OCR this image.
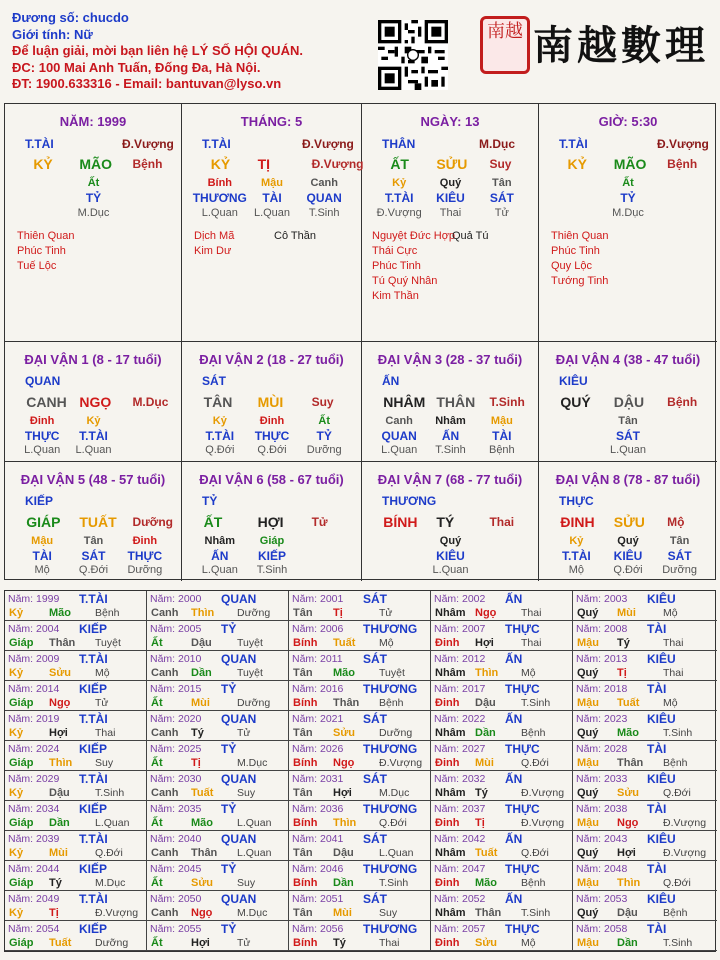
Đương số: chucdo
Giới tính: Nữ
Để luận giải, mời bạn liên hệ LÝ SỐ HỘI QUÁN.
ĐC: 100 Mai Anh Tuấn, Đống Đa, Hà Nội.
ĐT: 1900.633316 - Email: bantuvan@lyso.vn
南越 南越數理
NĂM: 1999
T.TÀI	Đ.Vượng
KỶ MÃO Bệnh
Ất
TỶ
M.Dục
Thiên Quan
Phúc Tinh
Tuế Lộc
THÁNG: 5
T.TÀI	Đ.Vượng
KỶ TỊ	Đ.Vượng
Bính
THƯƠNG
L.Quan
Mậu
TÀI
L.Quan
Canh
QUAN
T.Sinh
Dịch Mã
Kim Dư
Cô Thần
NGÀY: 13
THÂN	M.Dục
ẤT SỬU Suy
Kỷ
T.TÀI
Đ.Vượng
Quý
KIÊU
Thai
Tân
SÁT
Tử
Nguyệt Đức Hợp
Thái Cực
Phúc Tinh
Tú Quý Nhân
Kim Thần
Quả Tú
GIỜ: 5:30
T.TÀI	Đ.Vượng
KỶ MÃO Bệnh
Ất
TỶ
M.Dục
Thiên Quan
Phúc Tinh
Quy Lộc
Tướng Tinh
ĐẠI VẬN 1 (8 - 17 tuổi)
QUAN
CANH NGỌ M.Dục
Đinh
THỰC
L.Quan
Kỷ
T.TÀI
L.Quan
ĐẠI VẬN 2 (18 - 27 tuổi)
SÁT
TÂN MÙI Suy
Kỷ
T.TÀI
Q.Đới
Đinh
THỰC
Q.Đới
Ất
TỶ
Dưỡng
ĐẠI VẬN 3 (28 - 37 tuổi)
ẤN
NHÂM THÂN T.Sinh
Canh
QUAN
L.Quan
Nhâm
ẤN
T.Sinh
Mậu
TÀI
Bệnh
ĐẠI VẬN 4 (38 - 47 tuổi)
KIÊU
QUÝ DẬU Bệnh
Tân
SÁT
L.Quan
ĐẠI VẬN 5 (48 - 57 tuổi)
KIẾP
GIÁP TUẤT Dưỡng
Mậu
TÀI
Mộ
Tân
SÁT
Q.Đới
Đinh
THỰC
Dưỡng
ĐẠI VẬN 6 (58 - 67 tuổi)
TỶ
ẤT	HỢI Tử
Nhâm
ẤN
L.Quan
Giáp
KIẾP
T.Sinh
ĐẠI VẬN 7 (68 - 77 tuổi)
THƯƠNG
BÍNH TÝ	Thai
Quý
KIÊU
L.Quan
ĐẠI VẬN 8 (78 - 87 tuổi)
THỰC
ĐINH SỬU Mộ
Kỷ
T.TÀI
Mộ
Quý
KIÊU
Q.Đới
Tân
SÁT
Dưỡng
Năm: 1999 T.TÀI
Kỷ Mão Bệnh
Năm: 2000 QUAN
Canh Thìn Dưỡng
Năm: 2001 SÁT
Tân Tị	Tử
Năm: 2002 ẤN
Nhâm Ngọ Thai
Năm: 2003 KIÊU
Quý Mùi	Mộ
Năm: 2004 KIẾP
Giáp Thân Tuyệt
Năm: 2005 TỶ
Ất	Dậu Tuyệt
Năm: 2006 THƯƠNG
Bính Tuất Mộ
Năm: 2007 THỰC
Đinh Hợi	Thai
Năm: 2008 TÀI
Mậu Tý	Thai
Năm: 2009 T.TÀI
Kỷ Sửu Mộ
Năm: 2010 QUAN
Canh Dần Tuyệt
Năm: 2011 SÁT
Tân Mão Tuyệt
Năm: 2012 ẤN
Nhâm Thìn Mộ
Năm: 2013 KIÊU
Quý Tị	Thai
Năm: 2014 KIẾP
Giáp Ngọ Tử
Năm: 2015 TỶ
Ất	Mùi	Dưỡng
Năm: 2016 THƯƠNG
Bính Thân Bệnh
Năm: 2017 THỰC
Đinh Dậu T.Sinh
Năm: 2018 TÀI
Mậu Tuất Mộ
Năm: 2019 T.TÀI
Kỷ Hợi	Thai
Năm: 2020 QUAN
Canh Tý	Tử
Năm: 2021 SÁT
Tân Sửu Dưỡng
Năm: 2022 ẤN
Nhâm Dần Bệnh
Năm: 2023 KIÊU
Quý Mão T.Sinh
Năm: 2024 KIẾP
Giáp Thìn Suy
Năm: 2025 TỶ
Ất	Tị	M.Dục
Năm: 2026 THƯƠNG
Bính Ngọ Đ.Vượng
Năm: 2027 THỰC
Đinh Mùi	Q.Đới
Năm: 2028 TÀI
Mậu Thân Bệnh
Năm: 2029 T.TÀI
Kỷ Dậu T.Sinh
Năm: 2030 QUAN
Canh Tuất Suy
Năm: 2031 SÁT
Tân Hợi	M.Dục
Năm: 2032 ẤN
Nhâm Tý	Đ.Vượng
Năm: 2033 KIÊU
Quý Sửu Q.Đới
Năm: 2034 KIẾP
Giáp Dần L.Quan
Năm: 2035 TỶ
Ất	Mão L.Quan
Năm: 2036 THƯƠNG
Bính Thìn Q.Đới
Năm: 2037 THỰC
Đinh Tị	Đ.Vượng
Năm: 2038 TÀI
Mậu Ngọ Đ.Vượng
Năm: 2039 T.TÀI
Kỷ Mùi	Q.Đới
Năm: 2040 QUAN
Canh Thân L.Quan
Năm: 2041 SÁT
Tân Dậu L.Quan
Năm: 2042 ẤN
Nhâm Tuất Q.Đới
Năm: 2043 KIÊU
Quý Hợi	Đ.Vượng
Năm: 2044 KIẾP
Giáp Tý	M.Dục
Năm: 2045 TỶ
Ất	Sửu Suy
Năm: 2046 THƯƠNG
Bính Dần T.Sinh
Năm: 2047 THỰC
Đinh Mão Bệnh
Năm: 2048 TÀI
Mậu Thìn Q.Đới
Năm: 2049 T.TÀI
Kỷ Tị	Đ.Vượng
Năm: 2050 QUAN
Canh Ngọ M.Dục
Năm: 2051 SÁT
Tân Mùi	Suy
Năm: 2052 ẤN
Nhâm Thân T.Sinh
Năm: 2053 KIÊU
Quý Dậu Bệnh
Năm: 2054 KIẾP
Giáp Tuất Dưỡng
Năm: 2055 TỶ
Ất	Hợi	Tử
Năm: 2056 THƯƠNG
Bính Tý	Thai
Năm: 2057 THỰC
Đinh Sửu Mộ
Năm: 2058 TÀI
Mậu Dần T.Sinh
